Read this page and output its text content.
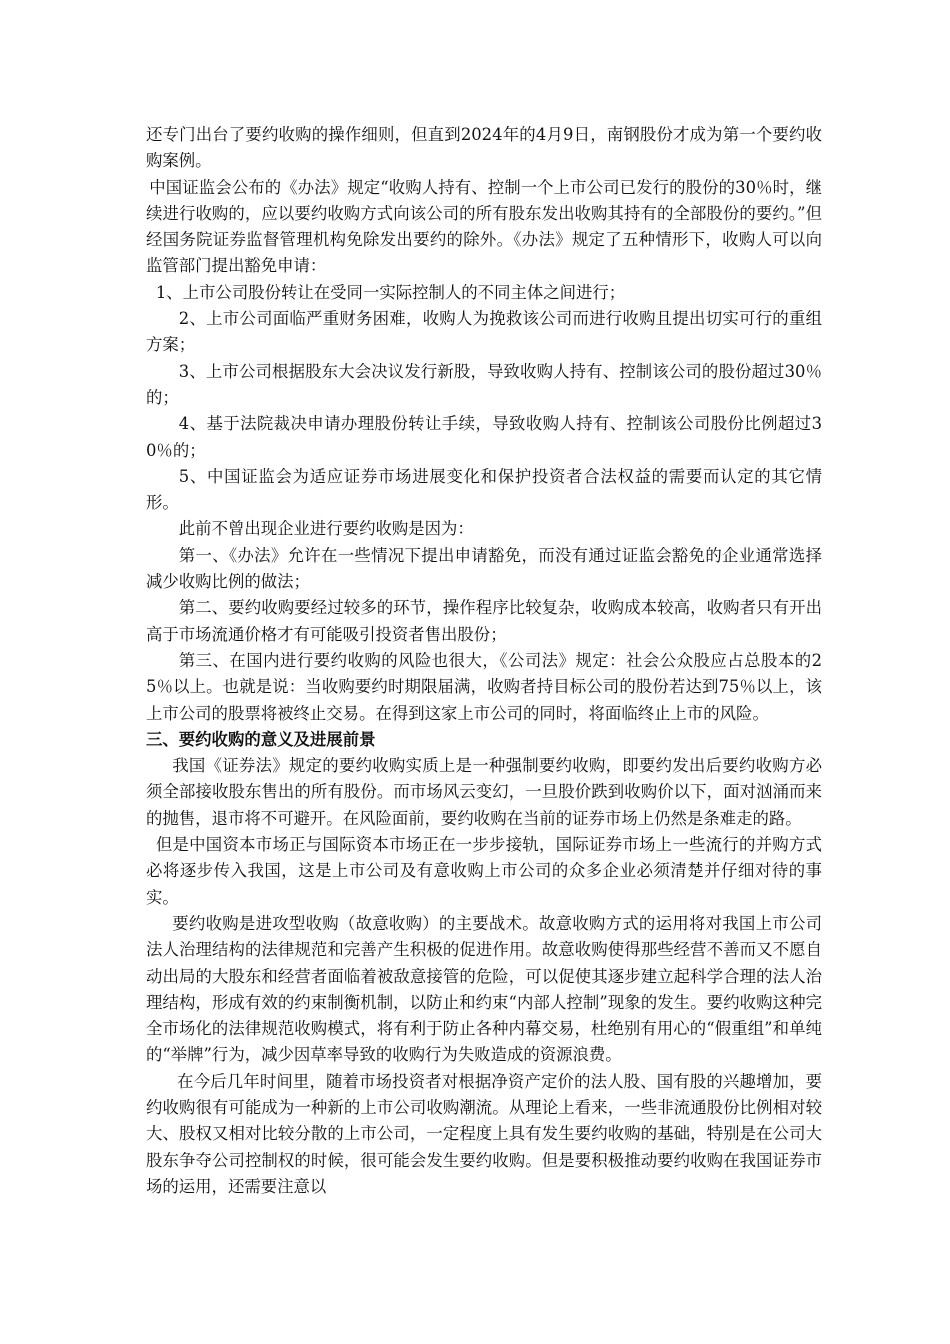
还专门出台了要约收购的操作细则，但直到2024年的4月9日，南钢股份才成为第一个要约收购案例。

中国证监会公布的《办法》规定“收购人持有、控制一个上市公司已发行的股份的30％时，继续进行收购的，应以要约收购方式向该公司的所有股东发出收购其持有的全部股份的要约。”但经国务院证券监督管理机构免除发出要约的除外。《办法》规定了五种情形下，收购人可以向监管部门提出豁免申请：

1、上市公司股份转让在受同一实际控制人的不同主体之间进行；

2、上市公司面临严重财务困难，收购人为挽救该公司而进行收购且提出切实可行的重组方案；

3、上市公司根据股东大会决议发行新股，导致收购人持有、控制该公司的股份超过30％的；

4、基于法院裁决申请办理股份转让手续，导致收购人持有、控制该公司股份比例超过30％的；

5、中国证监会为适应证券市场进展变化和保护投资者合法权益的需要而认定的其它情形。

此前不曾出现企业进行要约收购是因为：

第一、《办法》允许在一些情况下提出申请豁免，而没有通过证监会豁免的企业通常选择减少收购比例的做法；

第二、要约收购要经过较多的环节，操作程序比较复杂，收购成本较高，收购者只有开出高于市场流通价格才有可能吸引投资者售出股份；

第三、在国内进行要约收购的风险也很大，《公司法》规定：社会公众股应占总股本的25％以上。也就是说：当收购要约时期限届满，收购者持目标公司的股份若达到75％以上，该上市公司的股票将被终止交易。在得到这家上市公司的同时，将面临终止上市的风险。

三、要约收购的意义及进展前景

我国《证券法》规定的要约收购实质上是一种强制要约收购，即要约发出后要约收购方必须全部接收股东售出的所有股份。而市场风云变幻，一旦股价跌到收购价以下，面对汹涌而来的抛售，退市将不可避开。在风险面前，要约收购在当前的证券市场上仍然是条难走的路。

但是中国资本市场正与国际资本市场正在一步步接轨，国际证券市场上一些流行的并购方式必将逐步传入我国，这是上市公司及有意收购上市公司的众多企业必须清楚并仔细对待的事实。

要约收购是进攻型收购（故意收购）的主要战术。故意收购方式的运用将对我国上市公司法人治理结构的法律规范和完善产生积极的促进作用。故意收购使得那些经营不善而又不愿自动出局的大股东和经营者面临着被敌意接管的危险，可以促使其逐步建立起科学合理的法人治理结构，形成有效的约束制衡机制，以防止和约束“内部人控制”现象的发生。要约收购这种完全市场化的法律规范收购模式，将有利于防止各种内幕交易，杜绝别有用心的“假重组”和单纯的“举牌”行为，减少因草率导致的收购行为失败造成的资源浪费。

在今后几年时间里，随着市场投资者对根据净资产定价的法人股、国有股的兴趣增加，要约收购很有可能成为一种新的上市公司收购潮流。从理论上看来，一些非流通股份比例相对较大、股权又相对比较分散的上市公司，一定程度上具有发生要约收购的基础，特别是在公司大股东争夺公司控制权的时候，很可能会发生要约收购。但是要积极推动要约收购在我国证券市场的运用，还需要注意以
